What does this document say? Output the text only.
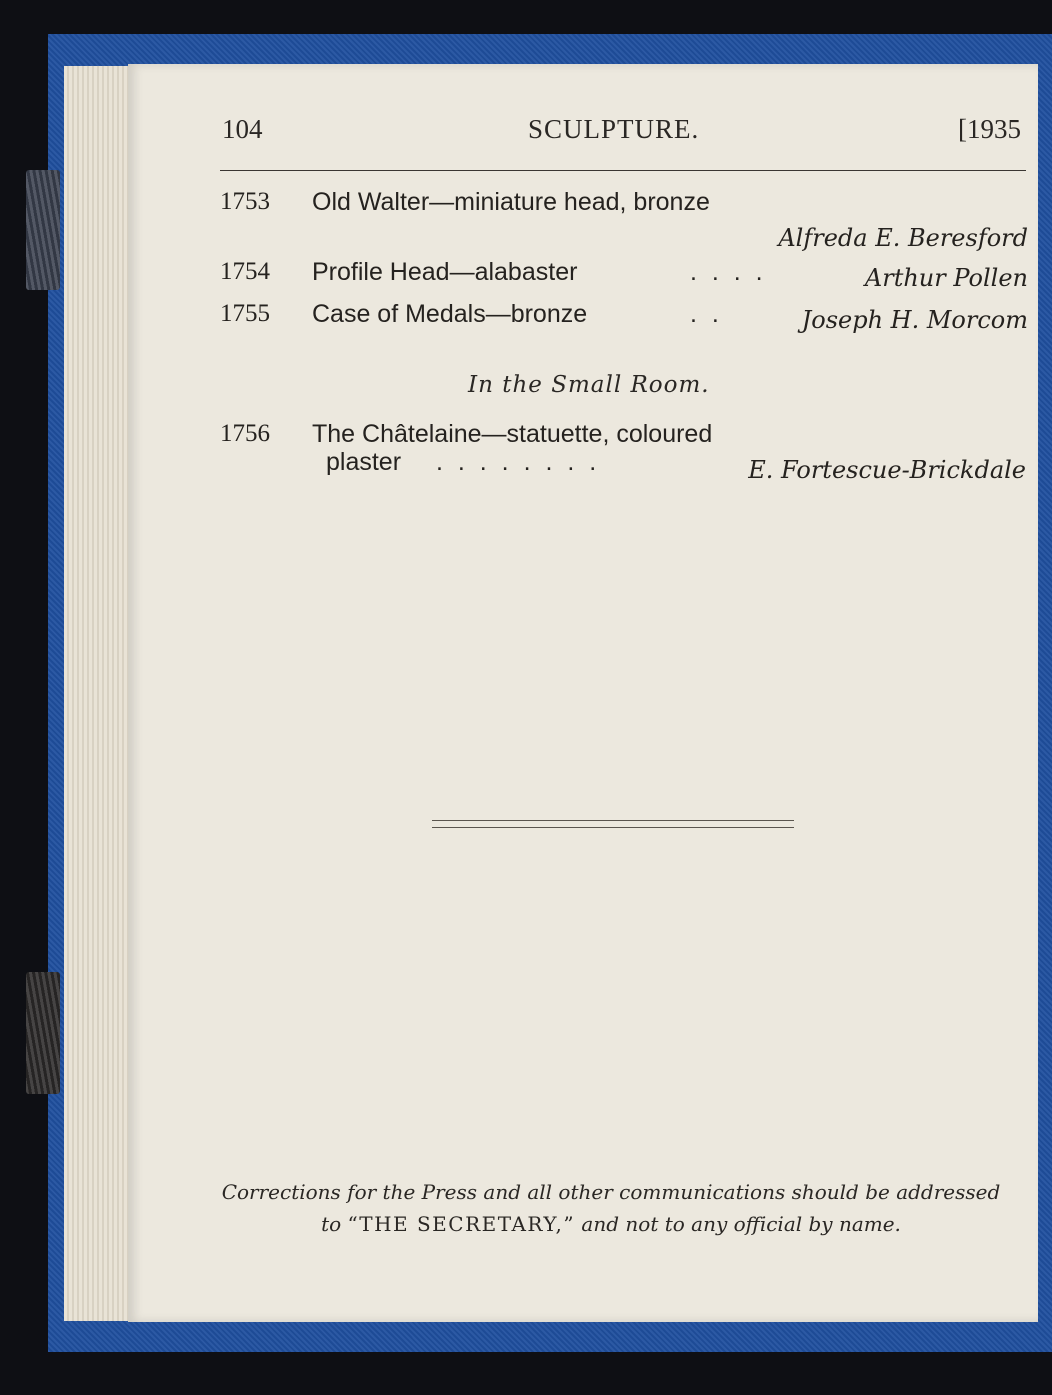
104	SCULPTURE.	[1935
1753 Old Walter—miniature head, bronze
Alfreda E. Beresford
1754 Profile Head—alabaster	. . . .	Arthur Pollen
1755 Case of Medals—bronze	. .	Joseph H. Morcom
In the Small Room.
1756 The Châtelaine—statuette, coloured
plaster . . . . . . . .	E. Fortescue-Brickdale
Corrections for the Press and all other communications should be addressed
to “THE SECRETARY,” and not to any official by name.
